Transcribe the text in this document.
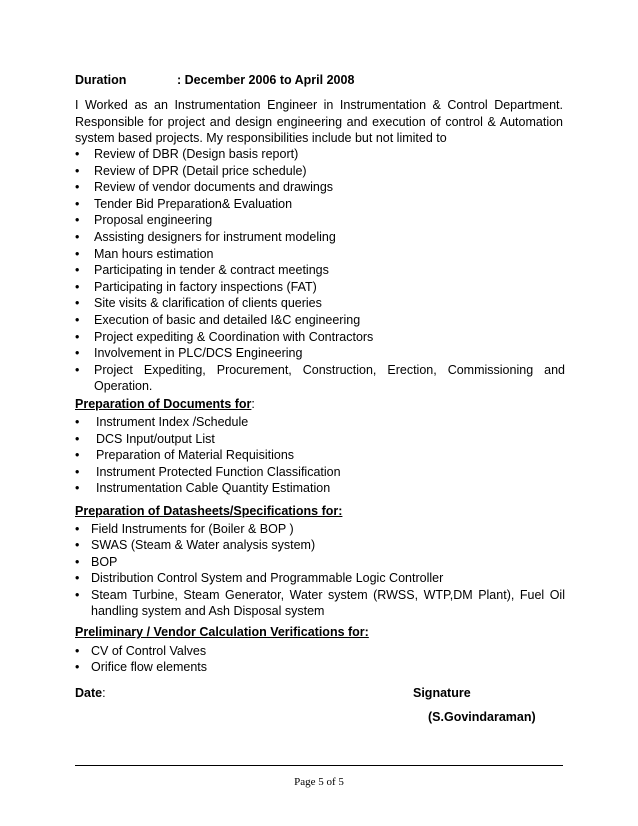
Duration	: December 2006 to April 2008
I Worked as an Instrumentation Engineer in Instrumentation & Control Department. Responsible for project and design engineering and execution of control & Automation system based projects. My responsibilities include but not limited to
• Review of DBR (Design basis report)
• Review of DPR (Detail price schedule)
• Review of vendor documents and drawings
• Tender Bid Preparation& Evaluation
• Proposal engineering
• Assisting designers for instrument modeling
• Man hours estimation
• Participating in tender & contract meetings
• Participating in factory inspections (FAT)
• Site visits & clarification of clients queries
• Execution of basic and detailed I&C engineering
• Project expediting & Coordination with Contractors
• Involvement in PLC/DCS Engineering
• Project Expediting, Procurement, Construction, Erection, Commissioning and Operation.
Preparation of Documents for:
• Instrument Index /Schedule
• DCS Input/output List
• Preparation of Material Requisitions
• Instrument Protected Function Classification
• Instrumentation Cable Quantity Estimation
Preparation of Datasheets/Specifications for:
• Field Instruments for (Boiler & BOP )
• SWAS (Steam & Water analysis system)
• BOP
• Distribution Control System and Programmable Logic Controller
• Steam Turbine, Steam Generator, Water system (RWSS, WTP,DM Plant), Fuel Oil handling system and Ash Disposal system
Preliminary / Vendor Calculation Verifications for:
• CV of Control Valves
• Orifice flow elements
Date:	Signature
(S.Govindaraman)
Page 5 of 5
